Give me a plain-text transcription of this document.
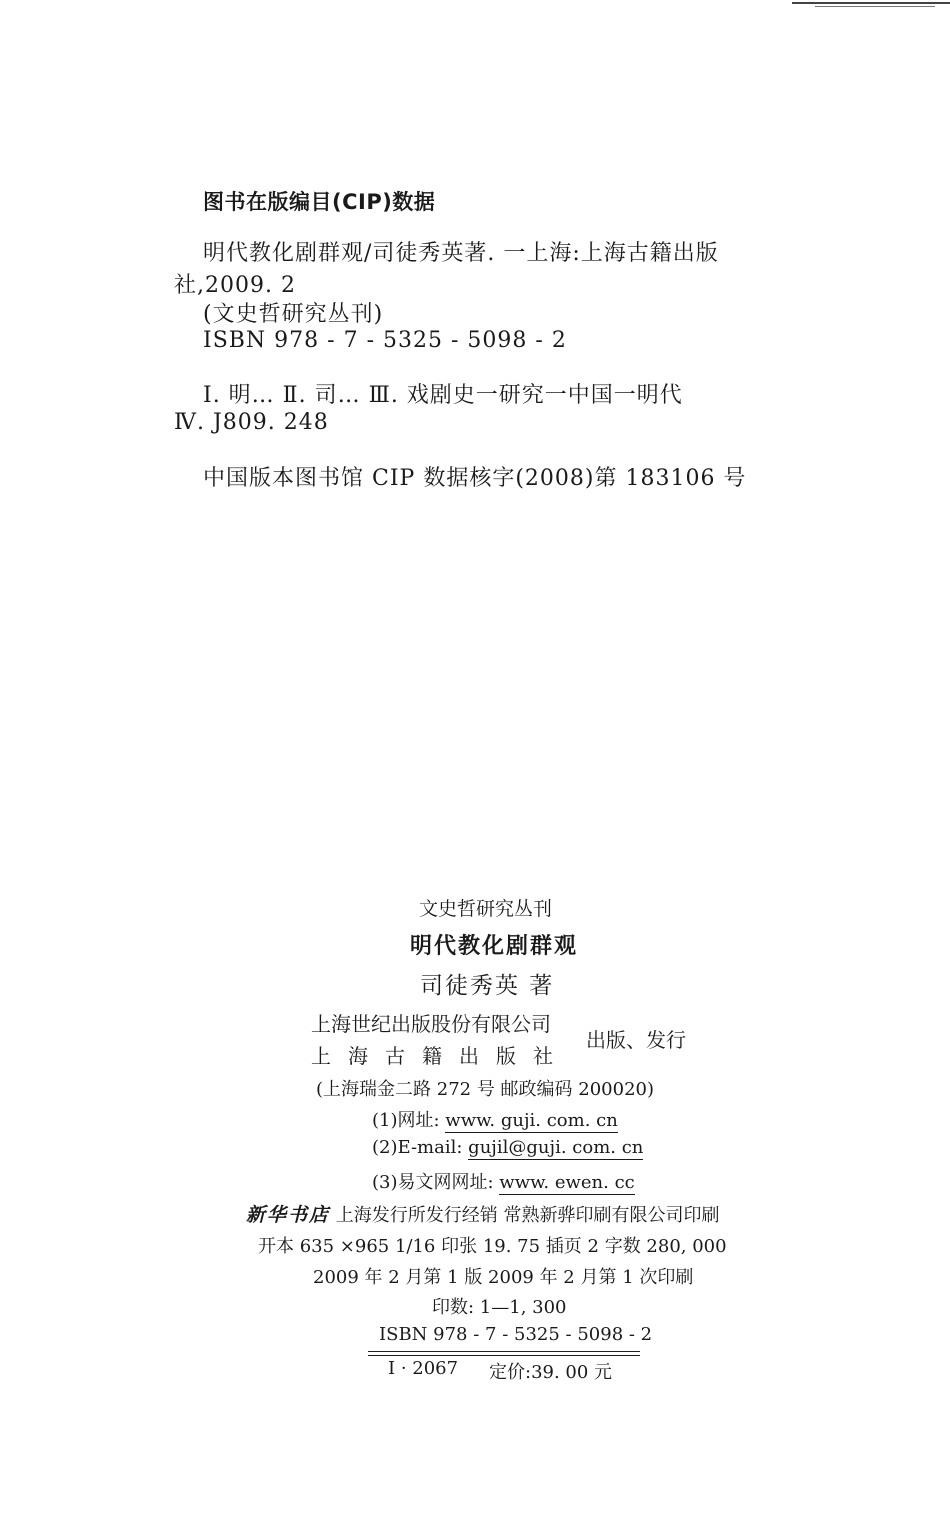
图书在版编目(CIP)数据
明代教化剧群观/司徒秀英著. 一上海:上海古籍出版
社,2009. 2
(文史哲研究丛刊)
ISBN 978 - 7 - 5325 - 5098 - 2
Ⅰ. 明… Ⅱ. 司… Ⅲ. 戏剧史一研究一中国一明代
Ⅳ. J809. 248
中国版本图书馆 CIP 数据核字(2008)第 183106 号
文史哲研究丛刊
明代教化剧群观
司徒秀英 著
上海世纪出版股份有限公司
上海古籍出版社
出版、发行
(上海瑞金二路 272 号 邮政编码 200020)
(1)网址: www. guji. com. cn
(2)E-mail: gujil@guji. com. cn
(3)易文网网址: www. ewen. cc
新华书店 上海发行所发行经销 常熟新骅印刷有限公司印刷
开本 635 ×965 1/16 印张 19. 75 插页 2 字数 280, 000
2009 年 2 月第 1 版 2009 年 2 月第 1 次印刷
印数: 1—1, 300
ISBN 978 - 7 - 5325 - 5098 - 2
I · 2067 定价:39. 00 元
